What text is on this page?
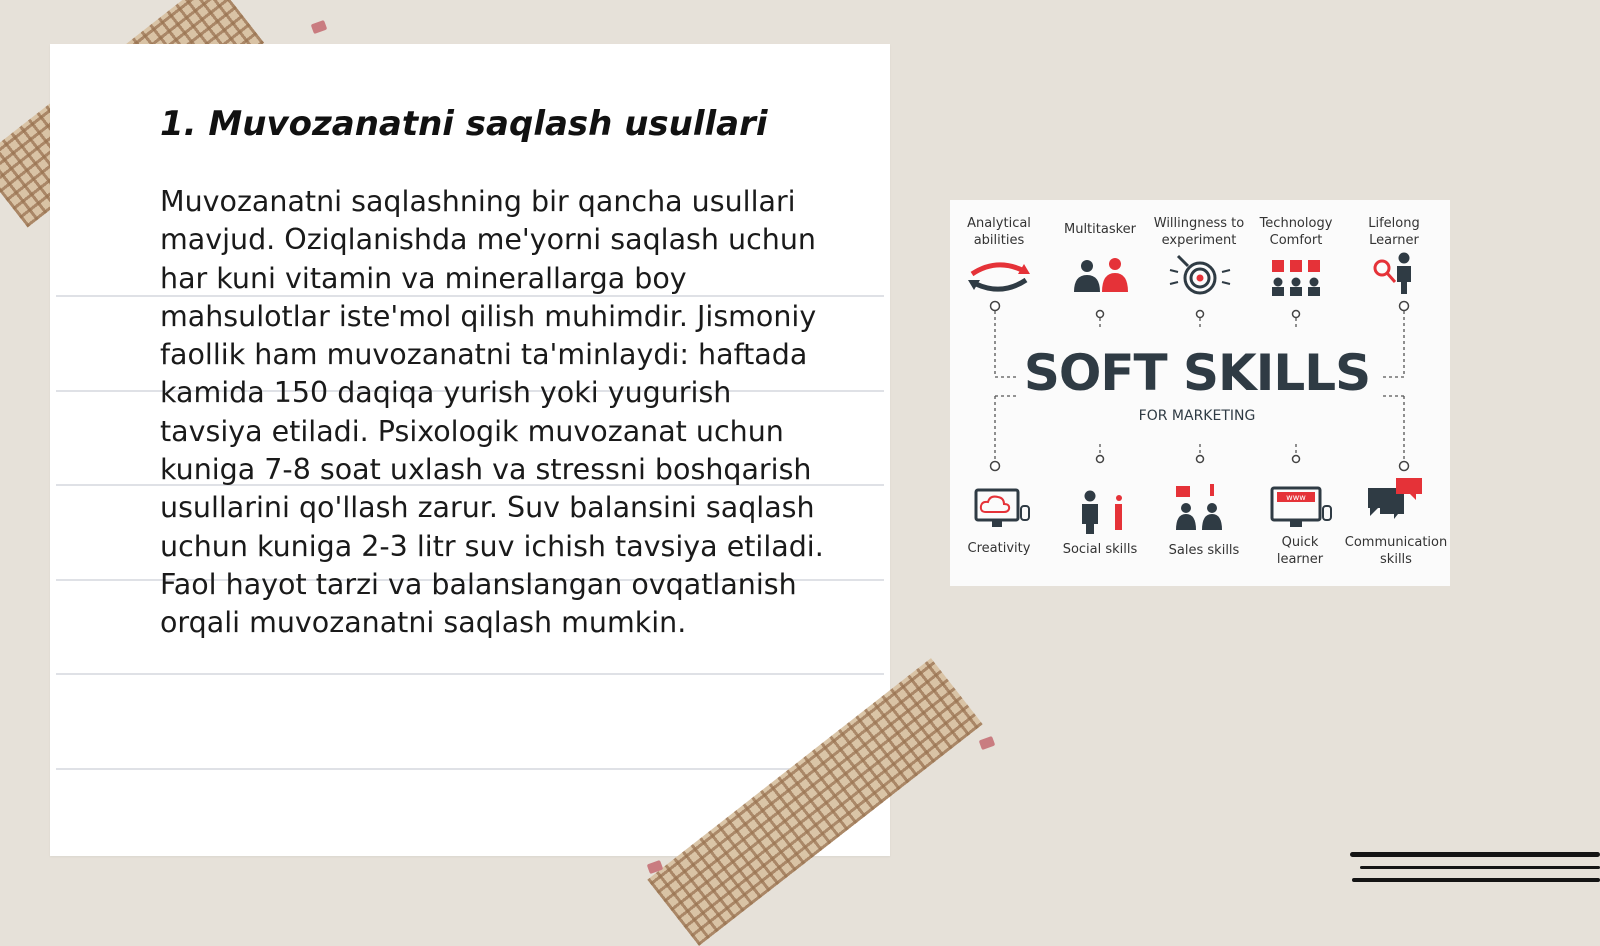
1. Muvozanatni saqlash usullari

Muvozanatni saqlashning bir qancha usullari mavjud. Oziqlanishda me'yorni saqlash uchun har kuni vitamin va minerallarga boy mahsulotlar iste'mol qilish muhimdir. Jismoniy faollik ham muvozanatni ta'minlaydi: haftada kamida 150 daqiqa yurish yoki yugurish tavsiya etiladi. Psixologik muvozanat uchun kuniga 7-8 soat uxlash va stressni boshqarish usullarini qo'llash zarur. Suv balansini saqlash uchun kuniga 2-3 litr suv ichish tavsiya etiladi. Faol hayot tarzi va balanslangan ovqatlanish orqali muvozanatni saqlash mumkin.

Analytical
abilities
Multitasker Willingness to
experiment
Technology
Comfort
Lifelong
Learner
SOFT SKILLS
FOR MARKETING
www
Creativity Social skills Sales skills
Quick
learner
Communication
skills
